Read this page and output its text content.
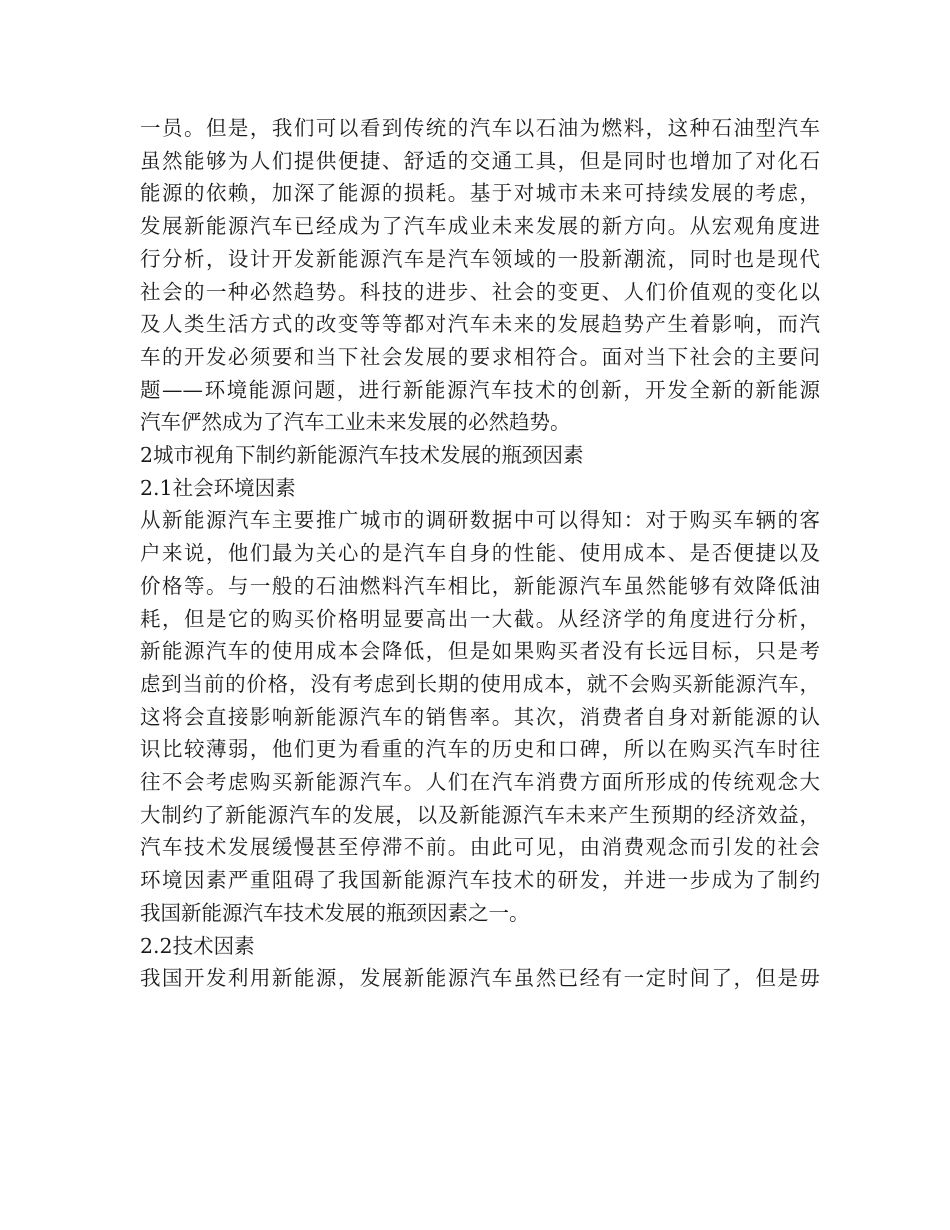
一员。但是，我们可以看到传统的汽车以石油为燃料，这种石油型汽车
虽然能够为人们提供便捷、舒适的交通工具，但是同时也增加了对化石
能源的依赖，加深了能源的损耗。基于对城市未来可持续发展的考虑，
发展新能源汽车已经成为了汽车成业未来发展的新方向。从宏观角度进
行分析，设计开发新能源汽车是汽车领域的一股新潮流，同时也是现代
社会的一种必然趋势。科技的进步、社会的变更、人们价值观的变化以
及人类生活方式的改变等等都对汽车未来的发展趋势产生着影响，而汽
车的开发必须要和当下社会发展的要求相符合。面对当下社会的主要问
题——环境能源问题，进行新能源汽车技术的创新，开发全新的新能源
汽车俨然成为了汽车工业未来发展的必然趋势。
2城市视角下制约新能源汽车技术发展的瓶颈因素
2.1社会环境因素
从新能源汽车主要推广城市的调研数据中可以得知：对于购买车辆的客
户来说，他们最为关心的是汽车自身的性能、使用成本、是否便捷以及
价格等。与一般的石油燃料汽车相比，新能源汽车虽然能够有效降低油
耗，但是它的购买价格明显要高出一大截。从经济学的角度进行分析，
新能源汽车的使用成本会降低，但是如果购买者没有长远目标，只是考
虑到当前的价格，没有考虑到长期的使用成本，就不会购买新能源汽车，
这将会直接影响新能源汽车的销售率。其次，消费者自身对新能源的认
识比较薄弱，他们更为看重的汽车的历史和口碑，所以在购买汽车时往
往不会考虑购买新能源汽车。人们在汽车消费方面所形成的传统观念大
大制约了新能源汽车的发展，以及新能源汽车未来产生预期的经济效益，
汽车技术发展缓慢甚至停滞不前。由此可见，由消费观念而引发的社会
环境因素严重阻碍了我国新能源汽车技术的研发，并进一步成为了制约
我国新能源汽车技术发展的瓶颈因素之一。
2.2技术因素
我国开发利用新能源，发展新能源汽车虽然已经有一定时间了，但是毋
